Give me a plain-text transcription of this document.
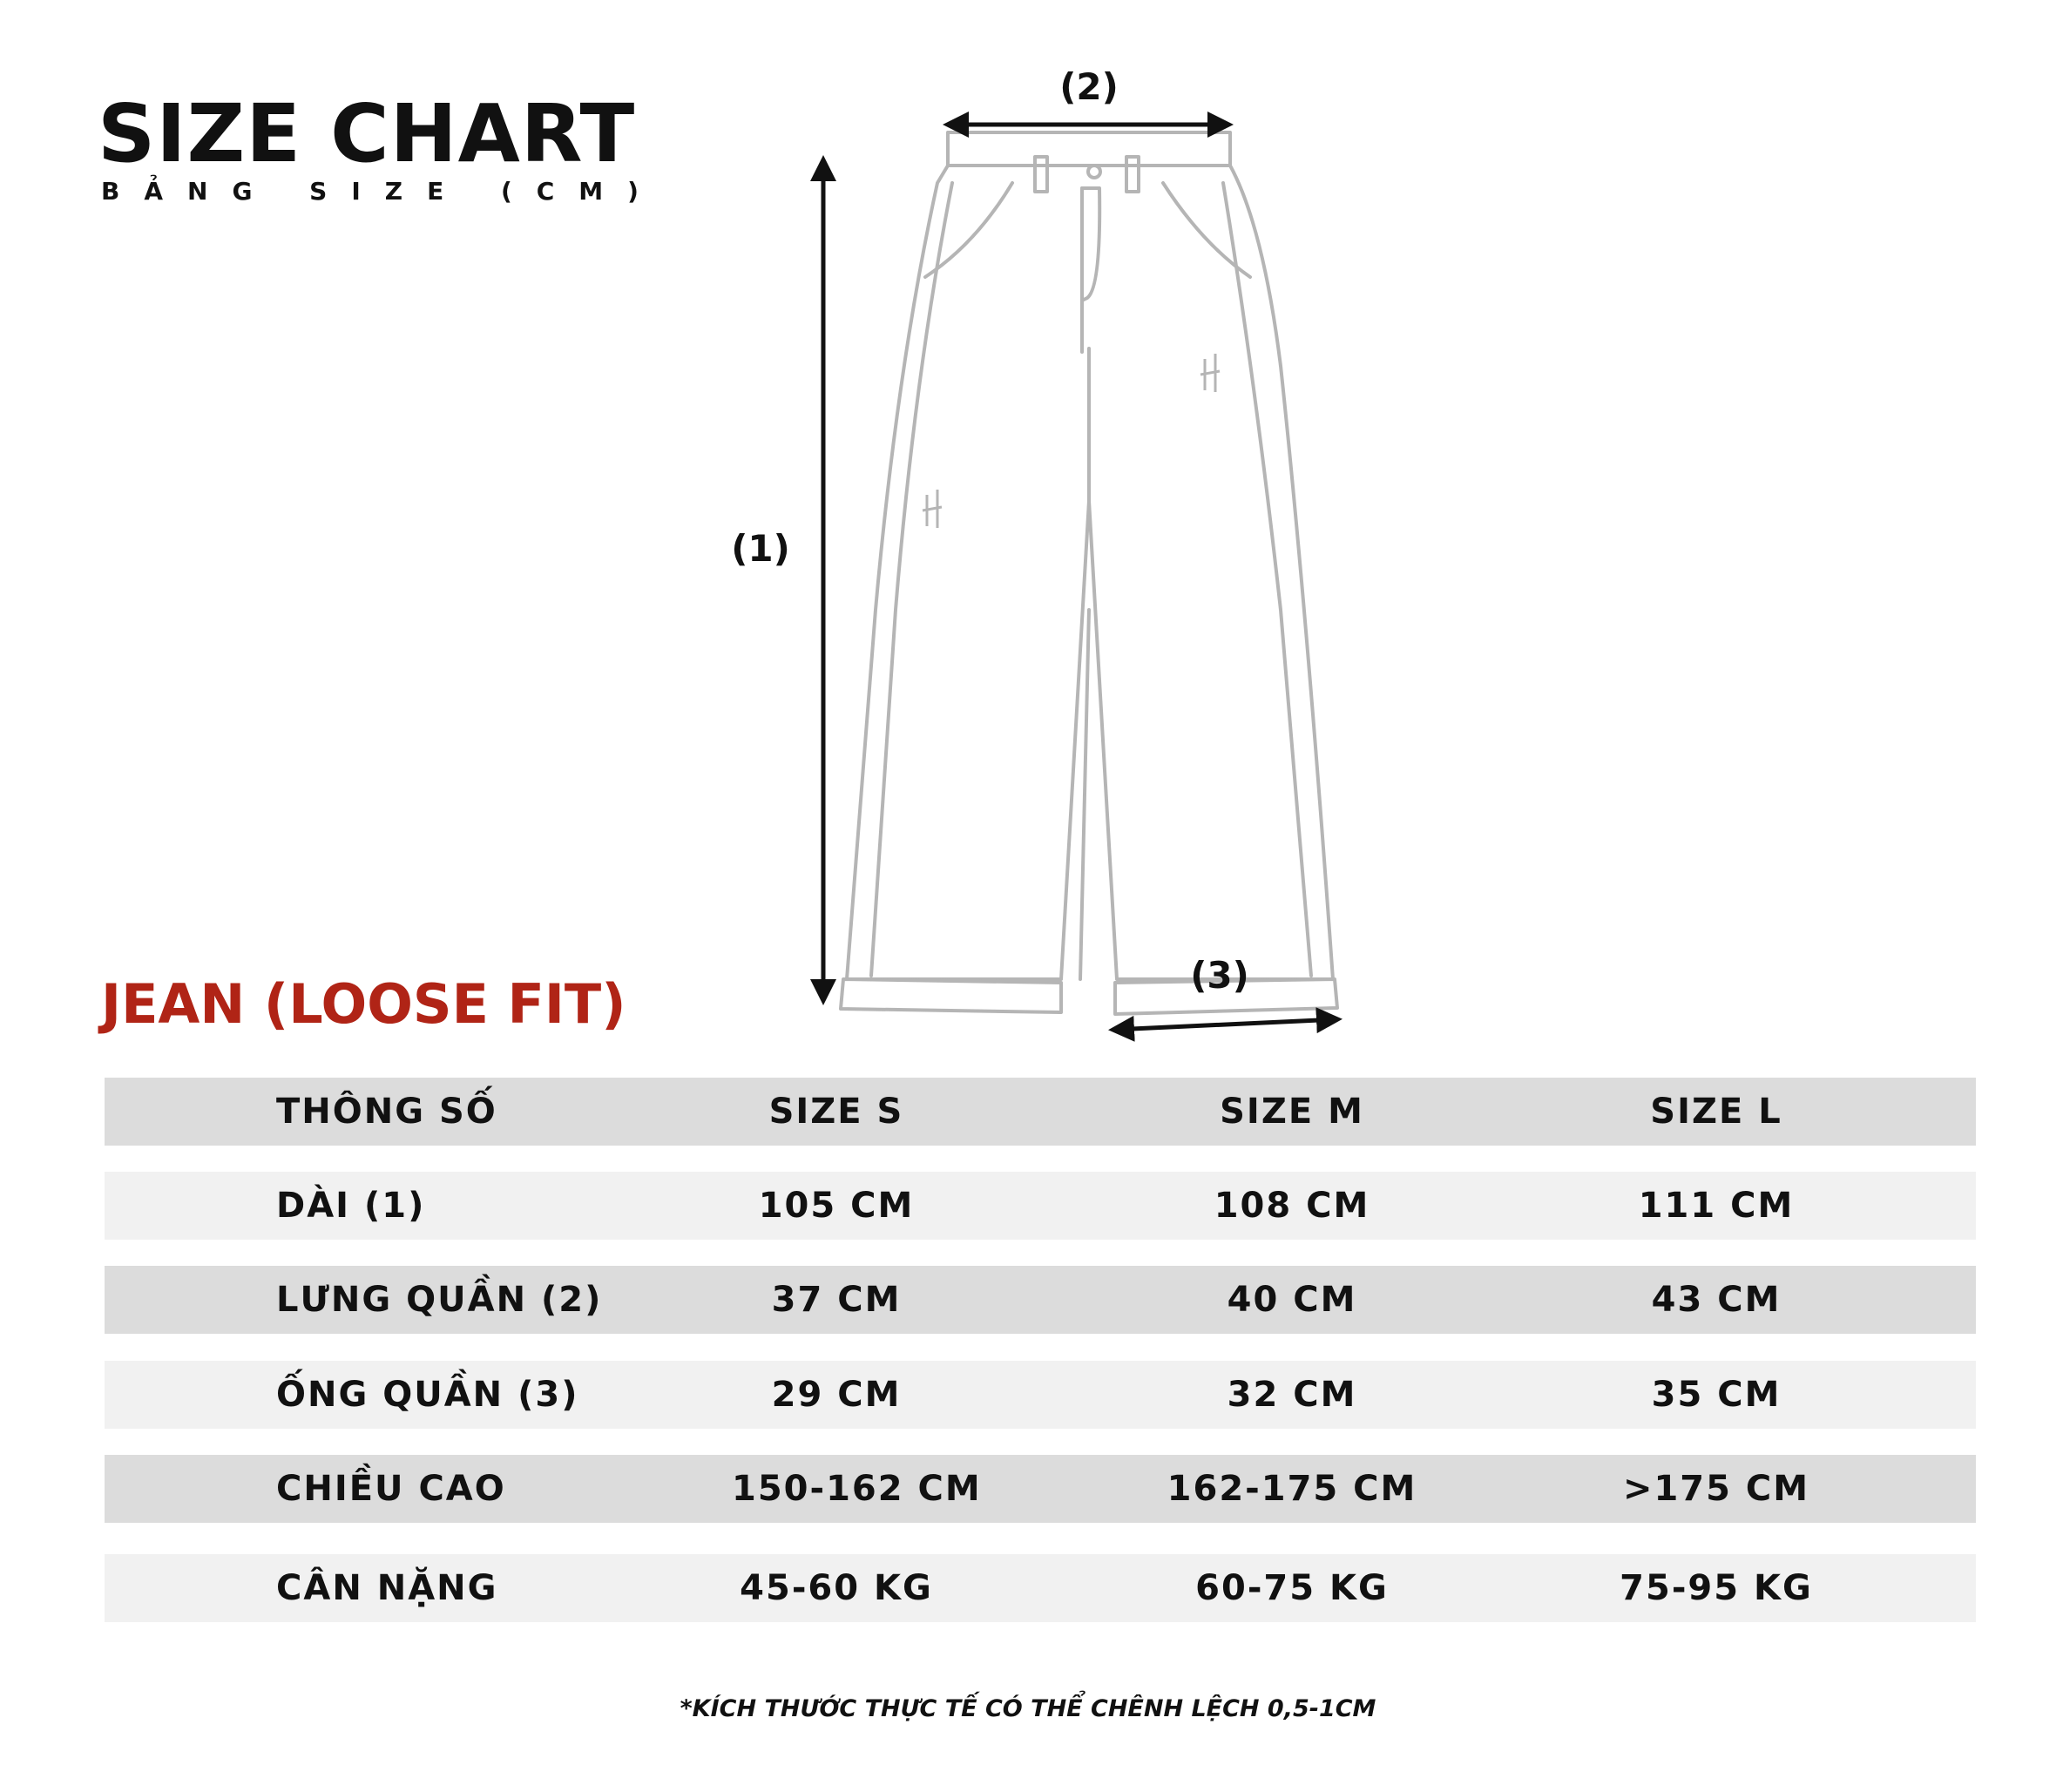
SIZE CHART
BẢNG SIZE (CM)
(2)
(1)
(3)
JEAN (LOOSE FIT)
THÔNG SỐ	SIZE S	SIZE M	SIZE L
DÀI (1)	105 CM	108 CM	111 CM
LƯNG QUẦN (2)	37 CM	40 CM	43 CM
ỐNG QUẦN (3)	29 CM	32 CM	35 CM
CHIỀU CAO	150-162 CM	162-175 CM	>175 CM
CÂN NẶNG	45-60 KG	60-75 KG	75-95 KG
*KÍCH THƯỚC THỰC TẾ CÓ THỂ CHÊNH LỆCH 0,5-1CM
